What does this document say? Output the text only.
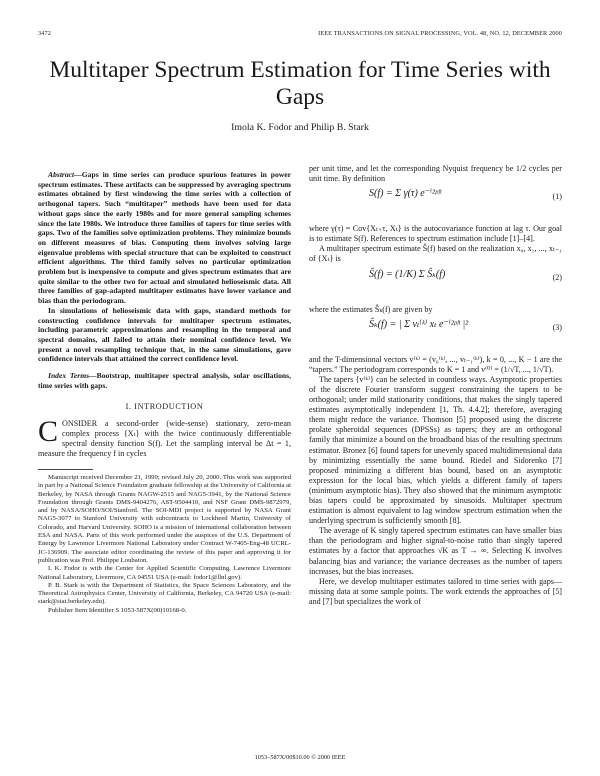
3472	IEEE TRANSACTIONS ON SIGNAL PROCESSING, VOL. 48, NO. 12, DECEMBER 2000
Multitaper Spectrum Estimation for Time Series with Gaps
Imola K. Fodor and Philip B. Stark

Abstract—Gaps in time series can produce spurious features in power spectrum estimates. These artifacts can be suppressed by averaging spectrum estimates obtained by first windowing the time series with a collection of orthogonal tapers. Such “multitaper” methods have been used for data without gaps since the early 1980s and for more general sampling schemes since the late 1980s. We introduce three families of tapers for time series with gaps. Two of the families solve optimization problems. They minimize bounds on different measures of bias. Computing them involves solving large eigenvalue problems with special structure that can be exploited to construct efficient algorithms. The third family solves no particular optimization problem but is inexpensive to compute and gives spectrum estimates that are quite similar to the other two for actual and simulated helioseismic data. All three families of gap-adapted multitaper estimates have lower variance and bias than the periodogram.

In simulations of helioseismic data with gaps, standard methods for constructing confidence intervals for multitaper spectrum estimates, including parametric approximations and resampling in the temporal and spectral domains, all failed to attain their nominal confidence level. We present a novel resampling technique that, in the same simulations, gave confidence intervals that attained the correct confidence level.

Index Terms—Bootstrap, multitaper spectral analysis, solar oscillations, time series with gaps.

I. INTRODUCTION

CONSIDER a second-order (wide-sense) stationary, zero-mean complex process {Xₜ} with the twice continuously differentiable spectral density function S(f). Let the sampling interval be Δt = 1, measure the frequency f in cycles

Manuscript received December 21, 1999; revised July 20, 2000. This work was supported in part by a National Science Foundation graduate fellowship at the University of California at Berkeley, by NASA through Grants NAGW-2515 and NAG5-3941, by the National Science Foundation through Grants DMS-9404276, AST-9504410, and NSF Grant DMS-9872979, and by NASA/SOHO/SOI/Stanford. The SOI-MDI project is supported by NASA Grant NAG5-3077 to Stanford University with subcontracts to Lockheed Martin, University of Colorado, and Harvard University. SOHO is a mission of international collaboration between ESA and NASA. Parts of this work performed under the auspices of the U.S. Department of Energy by Lawrence Livermore National Laboratory under Contract W-7405-Eng-48 UCRL-JC-136909. The associate editor coordinating the review of this paper and approving it for publication was Prof. Philippe Loubaton.

I. K. Fodor is with the Center for Applied Scientific Computing, Lawrence Livermore National Laboratory, Livermore, CA 94551 USA (e-mail: fodor1@llnl.gov).

P. B. Stark is with the Department of Statistics, the Space Sciences Laboratory, and the Theoretical Astrophysics Center, University of California, Berkeley, CA 94720 USA (e-mail: stark@stat.berkeley.edu).

Publisher Item Identifier S 1053-587X(00)10168-0.

per unit time, and let the corresponding Nyquist frequency be 1/2 cycles per unit time. By definition

S(f) = Σ γ(τ) e⁻ⁱ²ᵖᶠᵗ	(1)

where γ(τ) = Cov{Xₜ₊τ, Xₜ} is the autocovariance function at lag τ. Our goal is to estimate S(f). References to spectrum estimation include [1]–[4].

A multitaper spectrum estimate Ŝ(f) based on the realization x₀, x₁, ..., xₜ₋₁ of {Xₜ} is

Ŝ(f) = (1/K) Σ Ŝₖ(f)	(2)

where the estimates Ŝₖ(f) are given by

Ŝₖ(f) = | Σ vₜ⁽ᵏ⁾ xₜ e⁻ⁱ²ᵖᶠᵗ |²	(3)

and the T-dimensional vectors v⁽ᵏ⁾ = (v₀⁽ᵏ⁾, ..., vₜ₋₁⁽ᵏ⁾), k = 0, ..., K − 1 are the “tapers.” The periodogram corresponds to K = 1 and v⁽⁰⁾ = (1/√T, ..., 1/√T).

The tapers {v⁽ᵏ⁾} can be selected in countless ways. Asymptotic properties of the discrete Fourier transform suggest constraining the tapers to be orthogonal; under mild stationarity conditions, that makes the singly tapered estimates asymptotically independent [1, Th. 4.4.2]; therefore, averaging them might reduce the variance. Thomson [5] proposed using the discrete prolate spheroidal sequences (DPSSs) as tapers; they are an orthogonal family that minimize a bound on the broadband bias of the resulting spectrum estimator. Bronez [6] found tapers for unevenly spaced multidimensional data by minimizing essentially the same bound. Riedel and Sidorenko [7] proposed minimizing a different bias bound, based on an asymptotic expression for the local bias, which yields a different family of tapers (minimum asymptotic bias). They also showed that the minimum asymptotic bias tapers could be approximated by sinusoids. Multitaper spectrum estimation is almost equivalent to lag window spectrum estimation when the underlying spectrum is sufficiently smooth [8].

The average of K singly tapered spectrum estimates can have smaller bias than the periodogram and higher signal-to-noise ratio than singly tapered estimates by a factor that approaches √K as T → ∞. Selecting K involves balancing bias and variance; the variance decreases as the number of tapers increases, but the bias increases.

Here, we develop multitaper estimates tailored to time series with gaps—missing data at some sample points. The work extends the approaches of [5] and [7] but specializes the work of

1053–587X/00$10.00 © 2000 IEEE
